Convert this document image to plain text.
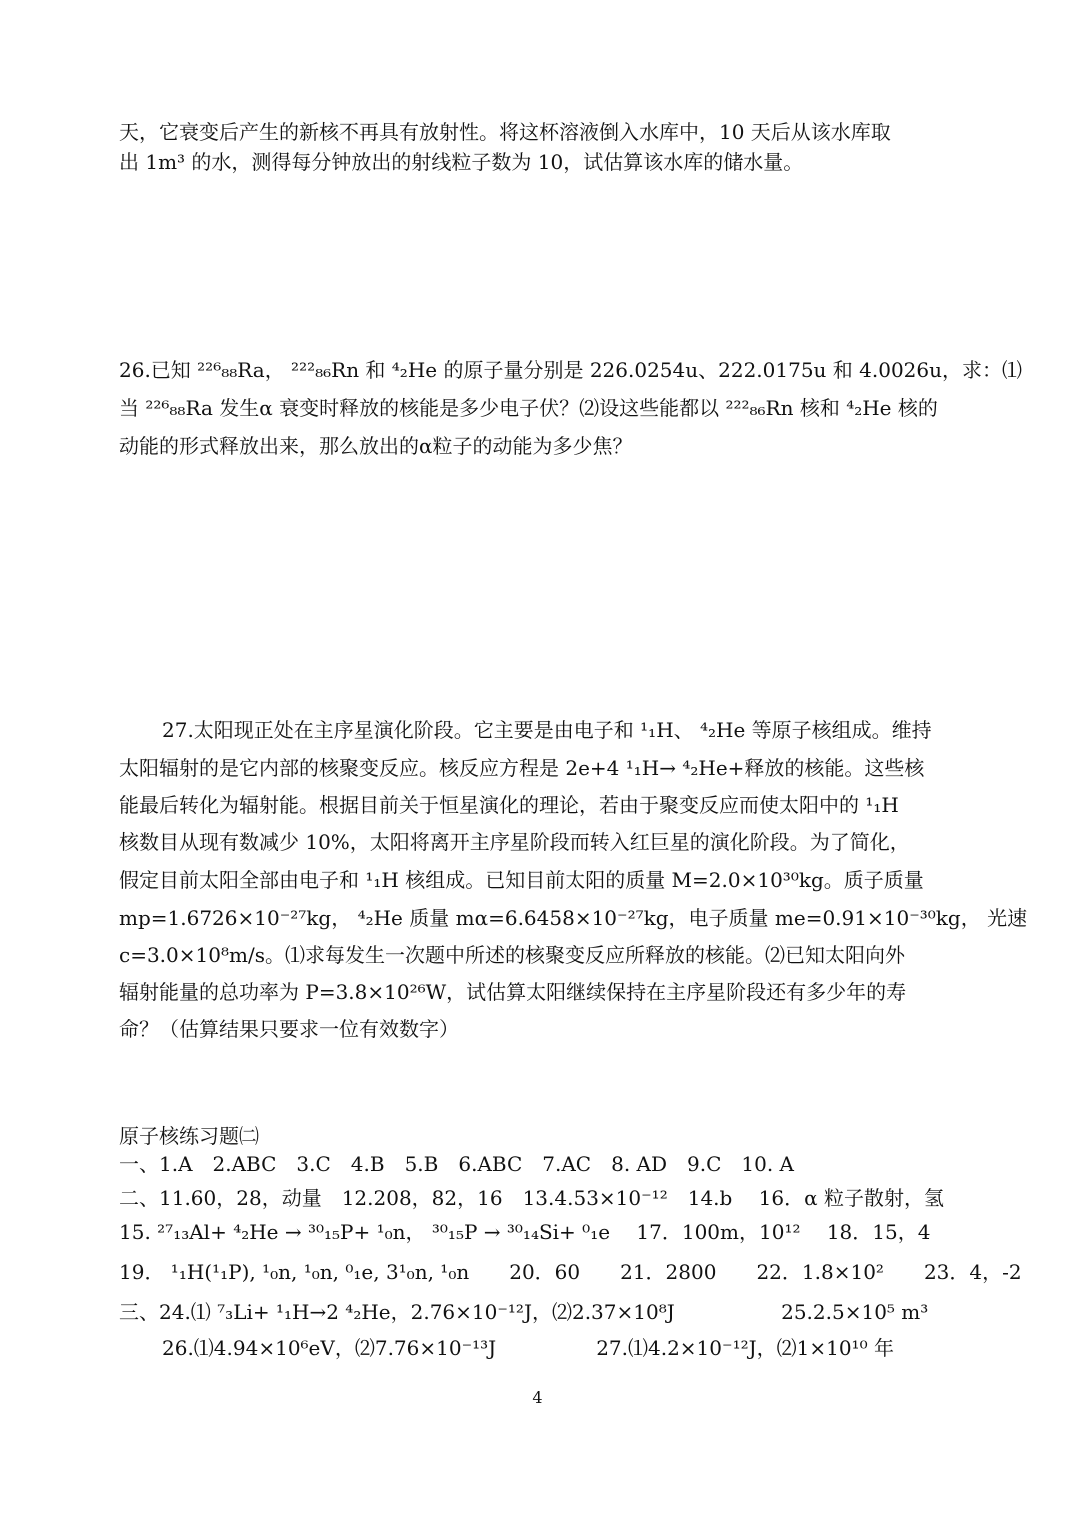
天，它衰变后产生的新核不再具有放射性。将这杯溶液倒入水库中，10 天后从该水库取
出 1m³ 的水，测得每分钟放出的射线粒子数为 10，试估算该水库的储水量。
26.已知 ²²⁶₈₈Ra， ²²²₈₆Rn 和 ⁴₂He 的原子量分别是 226.0254u、222.0175u 和 4.0026u，求：⑴
当 ²²⁶₈₈Ra 发生α 衰变时释放的核能是多少电子伏？⑵设这些能都以 ²²²₈₆Rn 核和 ⁴₂He 核的
动能的形式释放出来，那么放出的α粒子的动能为多少焦？
27.太阳现正处在主序星演化阶段。它主要是由电子和 ¹₁H、 ⁴₂He 等原子核组成。维持
太阳辐射的是它内部的核聚变反应。核反应方程是 2e+4 ¹₁H→ ⁴₂He+释放的核能。这些核
能最后转化为辐射能。根据目前关于恒星演化的理论，若由于聚变反应而使太阳中的 ¹₁H
核数目从现有数减少 10%，太阳将离开主序星阶段而转入红巨星的演化阶段。为了简化，
假定目前太阳全部由电子和 ¹₁H 核组成。已知目前太阳的质量 M=2.0×10³⁰kg。质子质量
mp=1.6726×10⁻²⁷kg， ⁴₂He 质量 mα=6.6458×10⁻²⁷kg，电子质量 me=0.91×10⁻³⁰kg， 光速
c=3.0×10⁸m/s。⑴求每发生一次题中所述的核聚变反应所释放的核能。⑵已知太阳向外
辐射能量的总功率为 P=3.8×10²⁶W，试估算太阳继续保持在主序星阶段还有多少年的寿
命？（估算结果只要求一位有效数字）
原子核练习题㈡
一、1.A　2.ABC　3.C　4.B　5.B　6.ABC　7.AC　8. AD　9.C　10. A
二、11.60，28，动量　12.208，82，16　13.4.53×10⁻¹²　14.b　 16．α 粒子散射，氢
15. ²⁷₁₃Al+ ⁴₂He → ³⁰₁₅P+ ¹₀n， ³⁰₁₅P → ³⁰₁₄Si+ ⁰₁e　 17．100m，10¹²　 18．15，4
19． ¹₁H(¹₁P), ¹₀n, ¹₀n, ⁰₁e, 3¹₀n, ¹₀n　　20．60　　21．2800　　22．1.8×10²　　23．4，-2
三、24.⑴ ⁷₃Li+ ¹₁H→2 ⁴₂He，2.76×10⁻¹²J，⑵2.37×10⁸J　　　　　 25.2.5×10⁵ m³
26.⑴4.94×10⁶eV，⑵7.76×10⁻¹³J　　　　　27.⑴4.2×10⁻¹²J，⑵1×10¹⁰ 年
4
